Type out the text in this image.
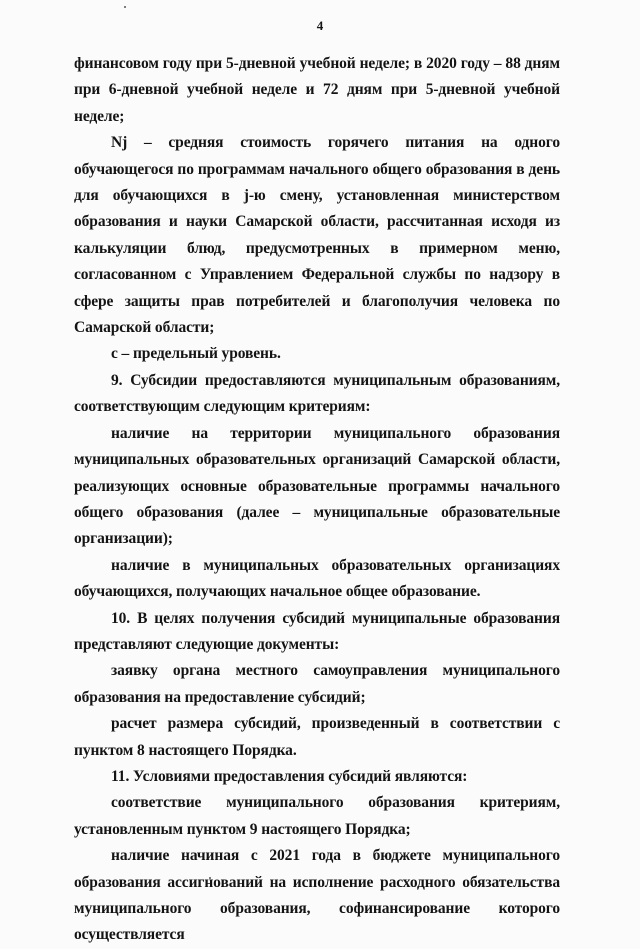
4

финансовом году при 5-дневной учебной неделе; в 2020 году – 88 дням при 6-дневной учебной неделе и 72 дням при 5-дневной учебной неделе;

Nj – средняя стоимость горячего питания на одного обучающегося по программам начального общего образования в день для обучающихся в j-ю смену, установленная министерством образования и науки Самарской области, рассчитанная исходя из калькуляции блюд, предусмотренных в примерном меню, согласованном с Управлением Федеральной службы по надзору в сфере защиты прав потребителей и благополучия человека по Самарской области;

с – предельный уровень.

9. Субсидии предоставляются муниципальным образованиям, соответствующим следующим критериям:

наличие на территории муниципального образования муниципальных образовательных организаций Самарской области, реализующих основные образовательные программы начального общего образования (далее – муниципальные образовательные организации);

наличие в муниципальных образовательных организациях обучающихся, получающих начальное общее образование.

10. В целях получения субсидий муниципальные образования представляют следующие документы:

заявку органа местного самоуправления муниципального образования на предоставление субсидий;

расчет размера субсидий, произведенный в соответствии с пунктом 8 настоящего Порядка.

11. Условиями предоставления субсидий являются:

соответствие муниципального образования критериям, установленным пунктом 9 настоящего Порядка;

наличие начиная с 2021 года в бюджете муниципального образования ассигнований на исполнение расходного обязательства муниципального образования, софинансирование которого осуществляется
